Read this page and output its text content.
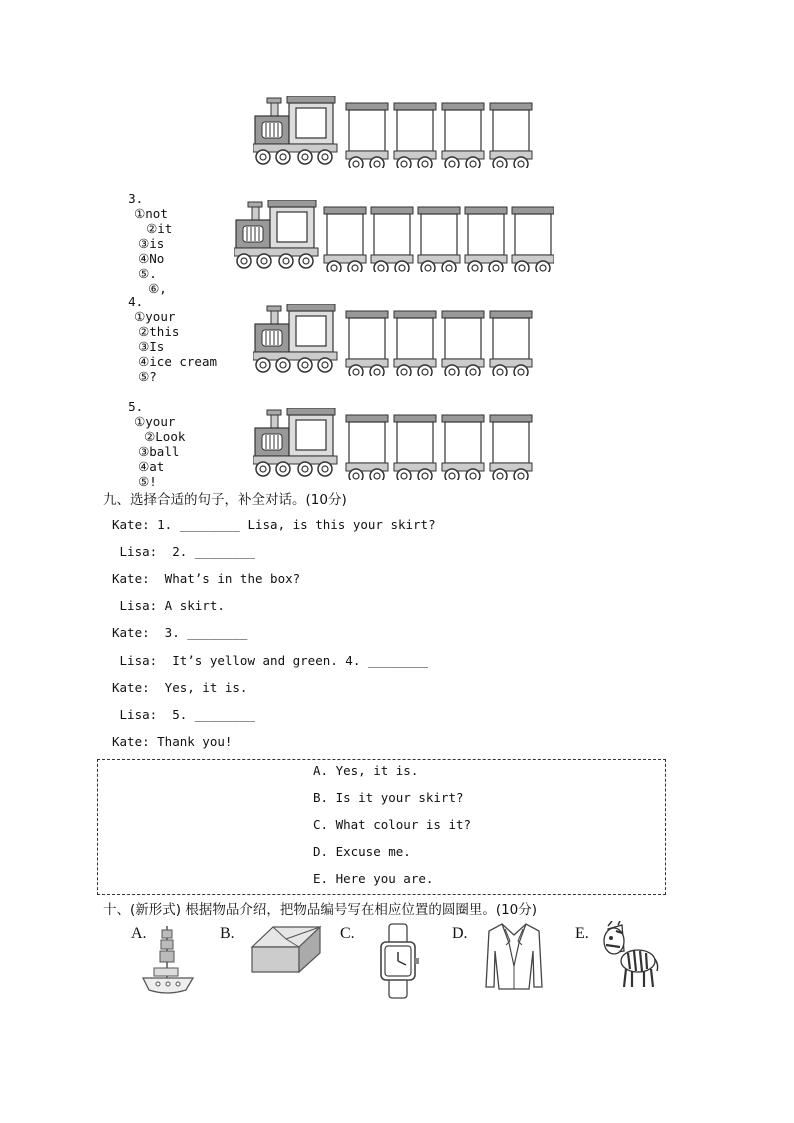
3.
①not
②it
③is
④No
⑤.
⑥,

4.
①your
②this
③Is
④ice cream
⑤?

5.
①your
②Look
③ball
④at
⑤!

九、选择合适的句子，补全对话。(10分)
Kate: 1. ________ Lisa, is this your skirt?
Lisa:  2. ________
Kate:  What’s in the box?
Lisa: A skirt.
Kate:  3. ________
Lisa:  It’s yellow and green. 4. ________
Kate:  Yes, it is.
Lisa:  5. ________
Kate: Thank you!
A. Yes, it is.
B. Is it your skirt?
C. What colour is it?
D. Excuse me.
E. Here you are.
十、(新形式) 根据物品介绍，把物品编号写在相应位置的圆圈里。(10分)
A.	B.	C.	D.	E.
